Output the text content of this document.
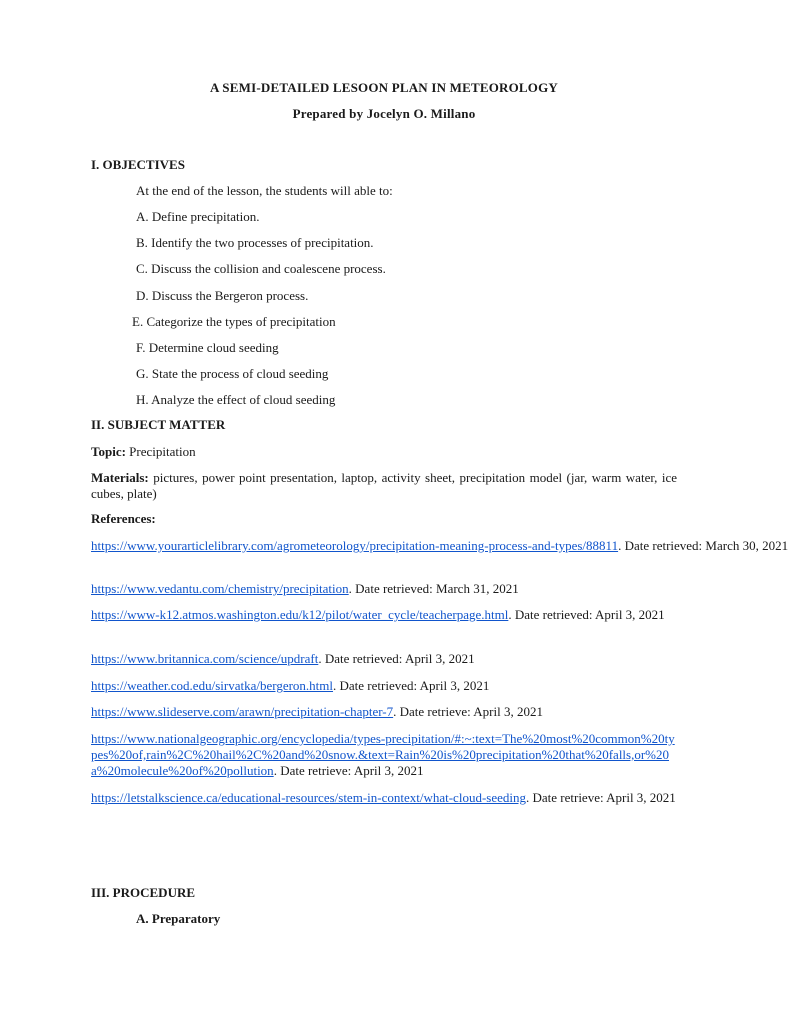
A SEMI-DETAILED LESOON PLAN IN METEOROLOGY
Prepared by Jocelyn O. Millano
I. OBJECTIVES
At the end of the lesson, the students will able to:
A. Define precipitation.
B. Identify the two processes of precipitation.
C. Discuss the collision and coalescene process.
D. Discuss the Bergeron process.
E. Categorize the types of precipitation
F. Determine cloud seeding
G. State the process of cloud seeding
H. Analyze the effect of cloud seeding
II. SUBJECT MATTER
Topic: Precipitation
Materials: pictures, power point presentation, laptop, activity sheet, precipitation model (jar, warm water, ice cubes, plate)
References:
https://www.yourarticlelibrary.com/agrometeorology/precipitation-meaning-process-and-types/88811. Date retrieved: March 30, 2021
https://www.vedantu.com/chemistry/precipitation. Date retrieved: March 31, 2021
https://www-k12.atmos.washington.edu/k12/pilot/water_cycle/teacherpage.html. Date retrieved: April 3, 2021
https://www.britannica.com/science/updraft. Date retrieved: April 3, 2021
https://weather.cod.edu/sirvatka/bergeron.html. Date retrieved: April 3, 2021
https://www.slideserve.com/arawn/precipitation-chapter-7. Date retrieve: April 3, 2021
https://www.nationalgeographic.org/encyclopedia/types-precipitation/#:~:text=The%20most%20common%20types%20of,rain%2C%20hail%2C%20and%20snow.&text=Rain%20is%20precipitation%20that%20falls,or%20a%20molecule%20of%20pollution. Date retrieve: April 3, 2021
https://letstalkscience.ca/educational-resources/stem-in-context/what-cloud-seeding. Date retrieve: April 3, 2021
III. PROCEDURE
A. Preparatory
